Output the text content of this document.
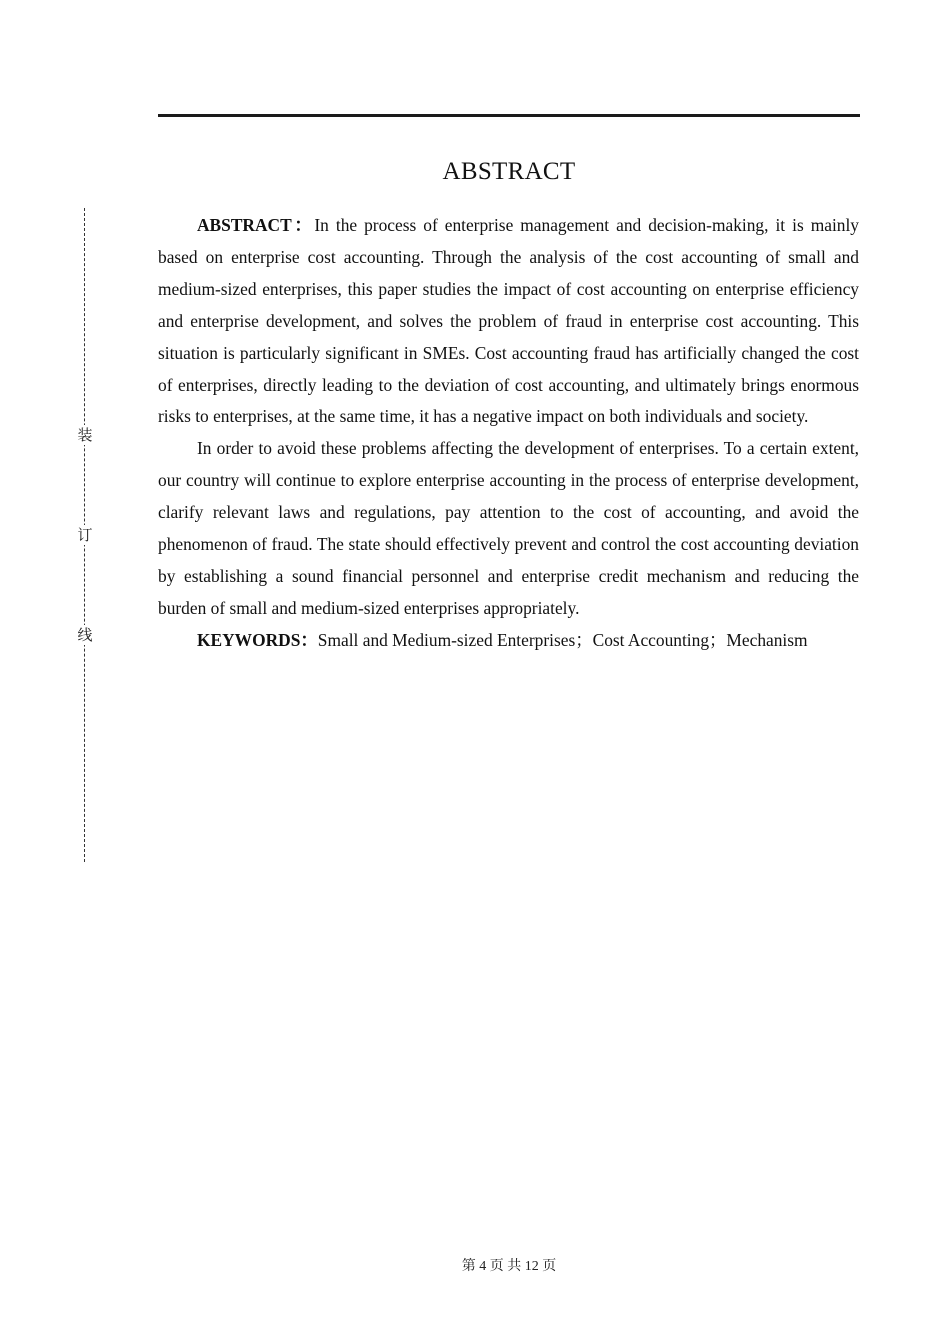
装
订
线
ABSTRACT

ABSTRACT：In the process of enterprise management and decision-making, it is mainly based on enterprise cost accounting. Through the analysis of the cost accounting of small and medium-sized enterprises, this paper studies the impact of cost accounting on enterprise efficiency and enterprise development, and solves the problem of fraud in enterprise cost accounting. This situation is particularly significant in SMEs. Cost accounting fraud has artificially changed the cost of enterprises, directly leading to the deviation of cost accounting, and ultimately brings enormous risks to enterprises, at the same time, it has a negative impact on both individuals and society.

In order to avoid these problems affecting the development of enterprises. To a certain extent, our country will continue to explore enterprise accounting in the process of enterprise development, clarify relevant laws and regulations, pay attention to the cost of accounting, and avoid the phenomenon of fraud. The state should effectively prevent and control the cost accounting deviation by establishing a sound financial personnel and enterprise credit mechanism and reducing the burden of small and medium-sized enterprises appropriately.

KEYWORDS：Small and Medium-sized Enterprises；Cost Accounting；Mechanism

第 4 页 共 12 页
